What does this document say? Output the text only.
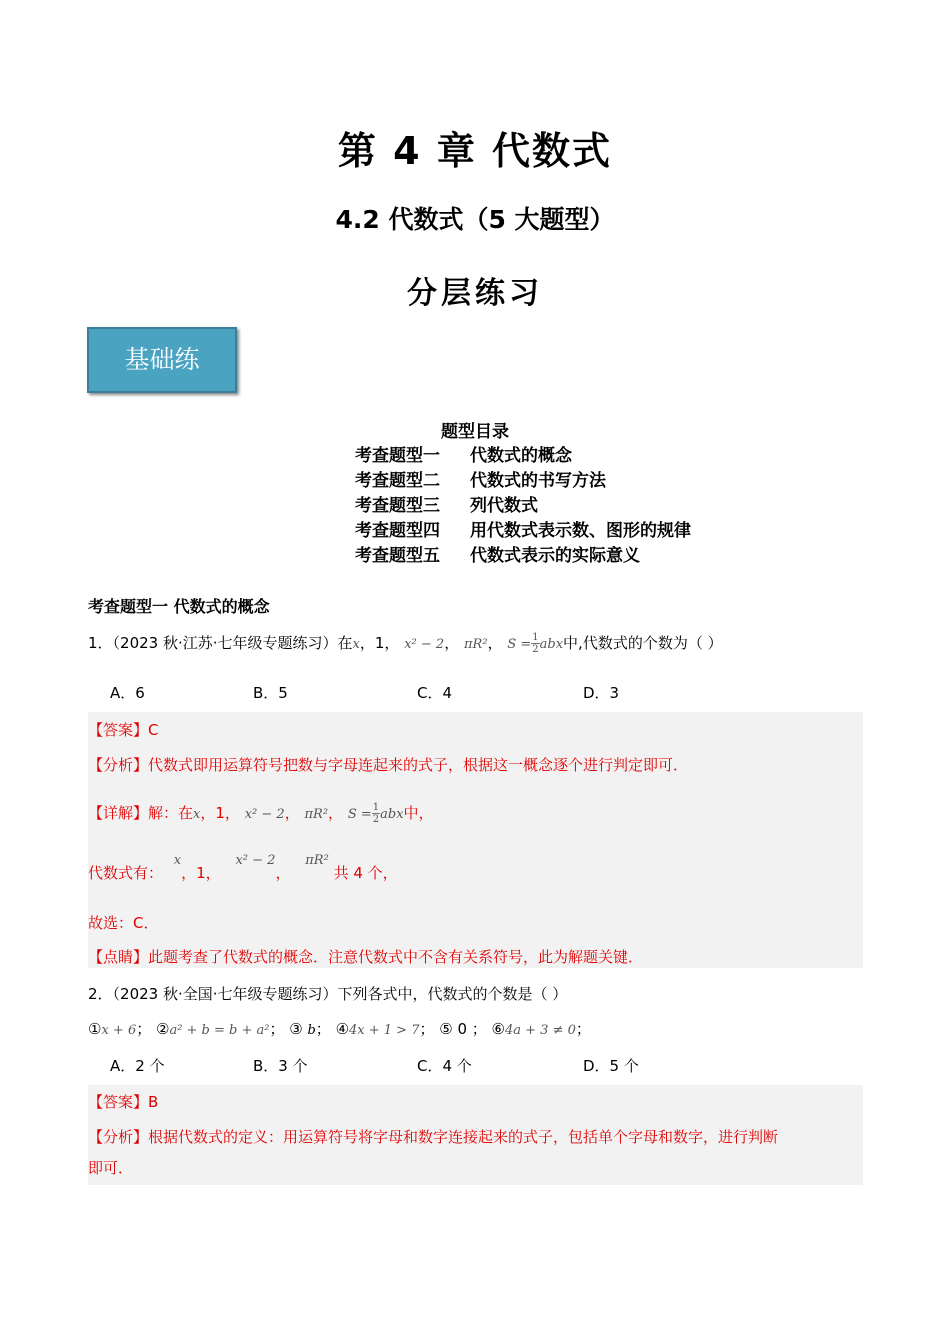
第 4 章 代数式
4.2 代数式（5 大题型）
分层练习
基础练
题型目录
考查题型一 代数式的概念
考查题型二 代数式的书写方法
考查题型三 列代数式
考查题型四 用代数式表示数、图形的规律
考查题型五 代数式表示的实际意义
考查题型一 代数式的概念
1．（2023 秋·江苏·七年级专题练习）在x，1， x² − 2， πR²， $S = \frac{1}{2}$ abx中,代数式的个数为（ ）
A．6	B．5	C．4	D．3
【答案】C
【分析】代数式即用运算符号把数与字母连起来的式子，根据这一概念逐个进行判定即可．
【详解】解：在x，1， x² − 2， πR²， $S = \frac{1}{2}$ abx中，
代数式有： x，1， x² − 2， πR² 共 4 个，
故选：C．
【点睛】此题考查了代数式的概念．注意代数式中不含有关系符号，此为解题关键．
2．（2023 秋·全国·七年级专题练习）下列各式中，代数式的个数是（ ）
①x + 6； ②a² + b = b + a²； ③ b； ④4x + 1 > 7； ⑤ 0 ； ⑥4a + 3 ≠ 0；
A．2 个	B．3 个	C．4 个	D．5 个
【答案】B
【分析】根据代数式的定义：用运算符号将字母和数字连接起来的式子，包括单个字母和数字，进行判断
即可．
